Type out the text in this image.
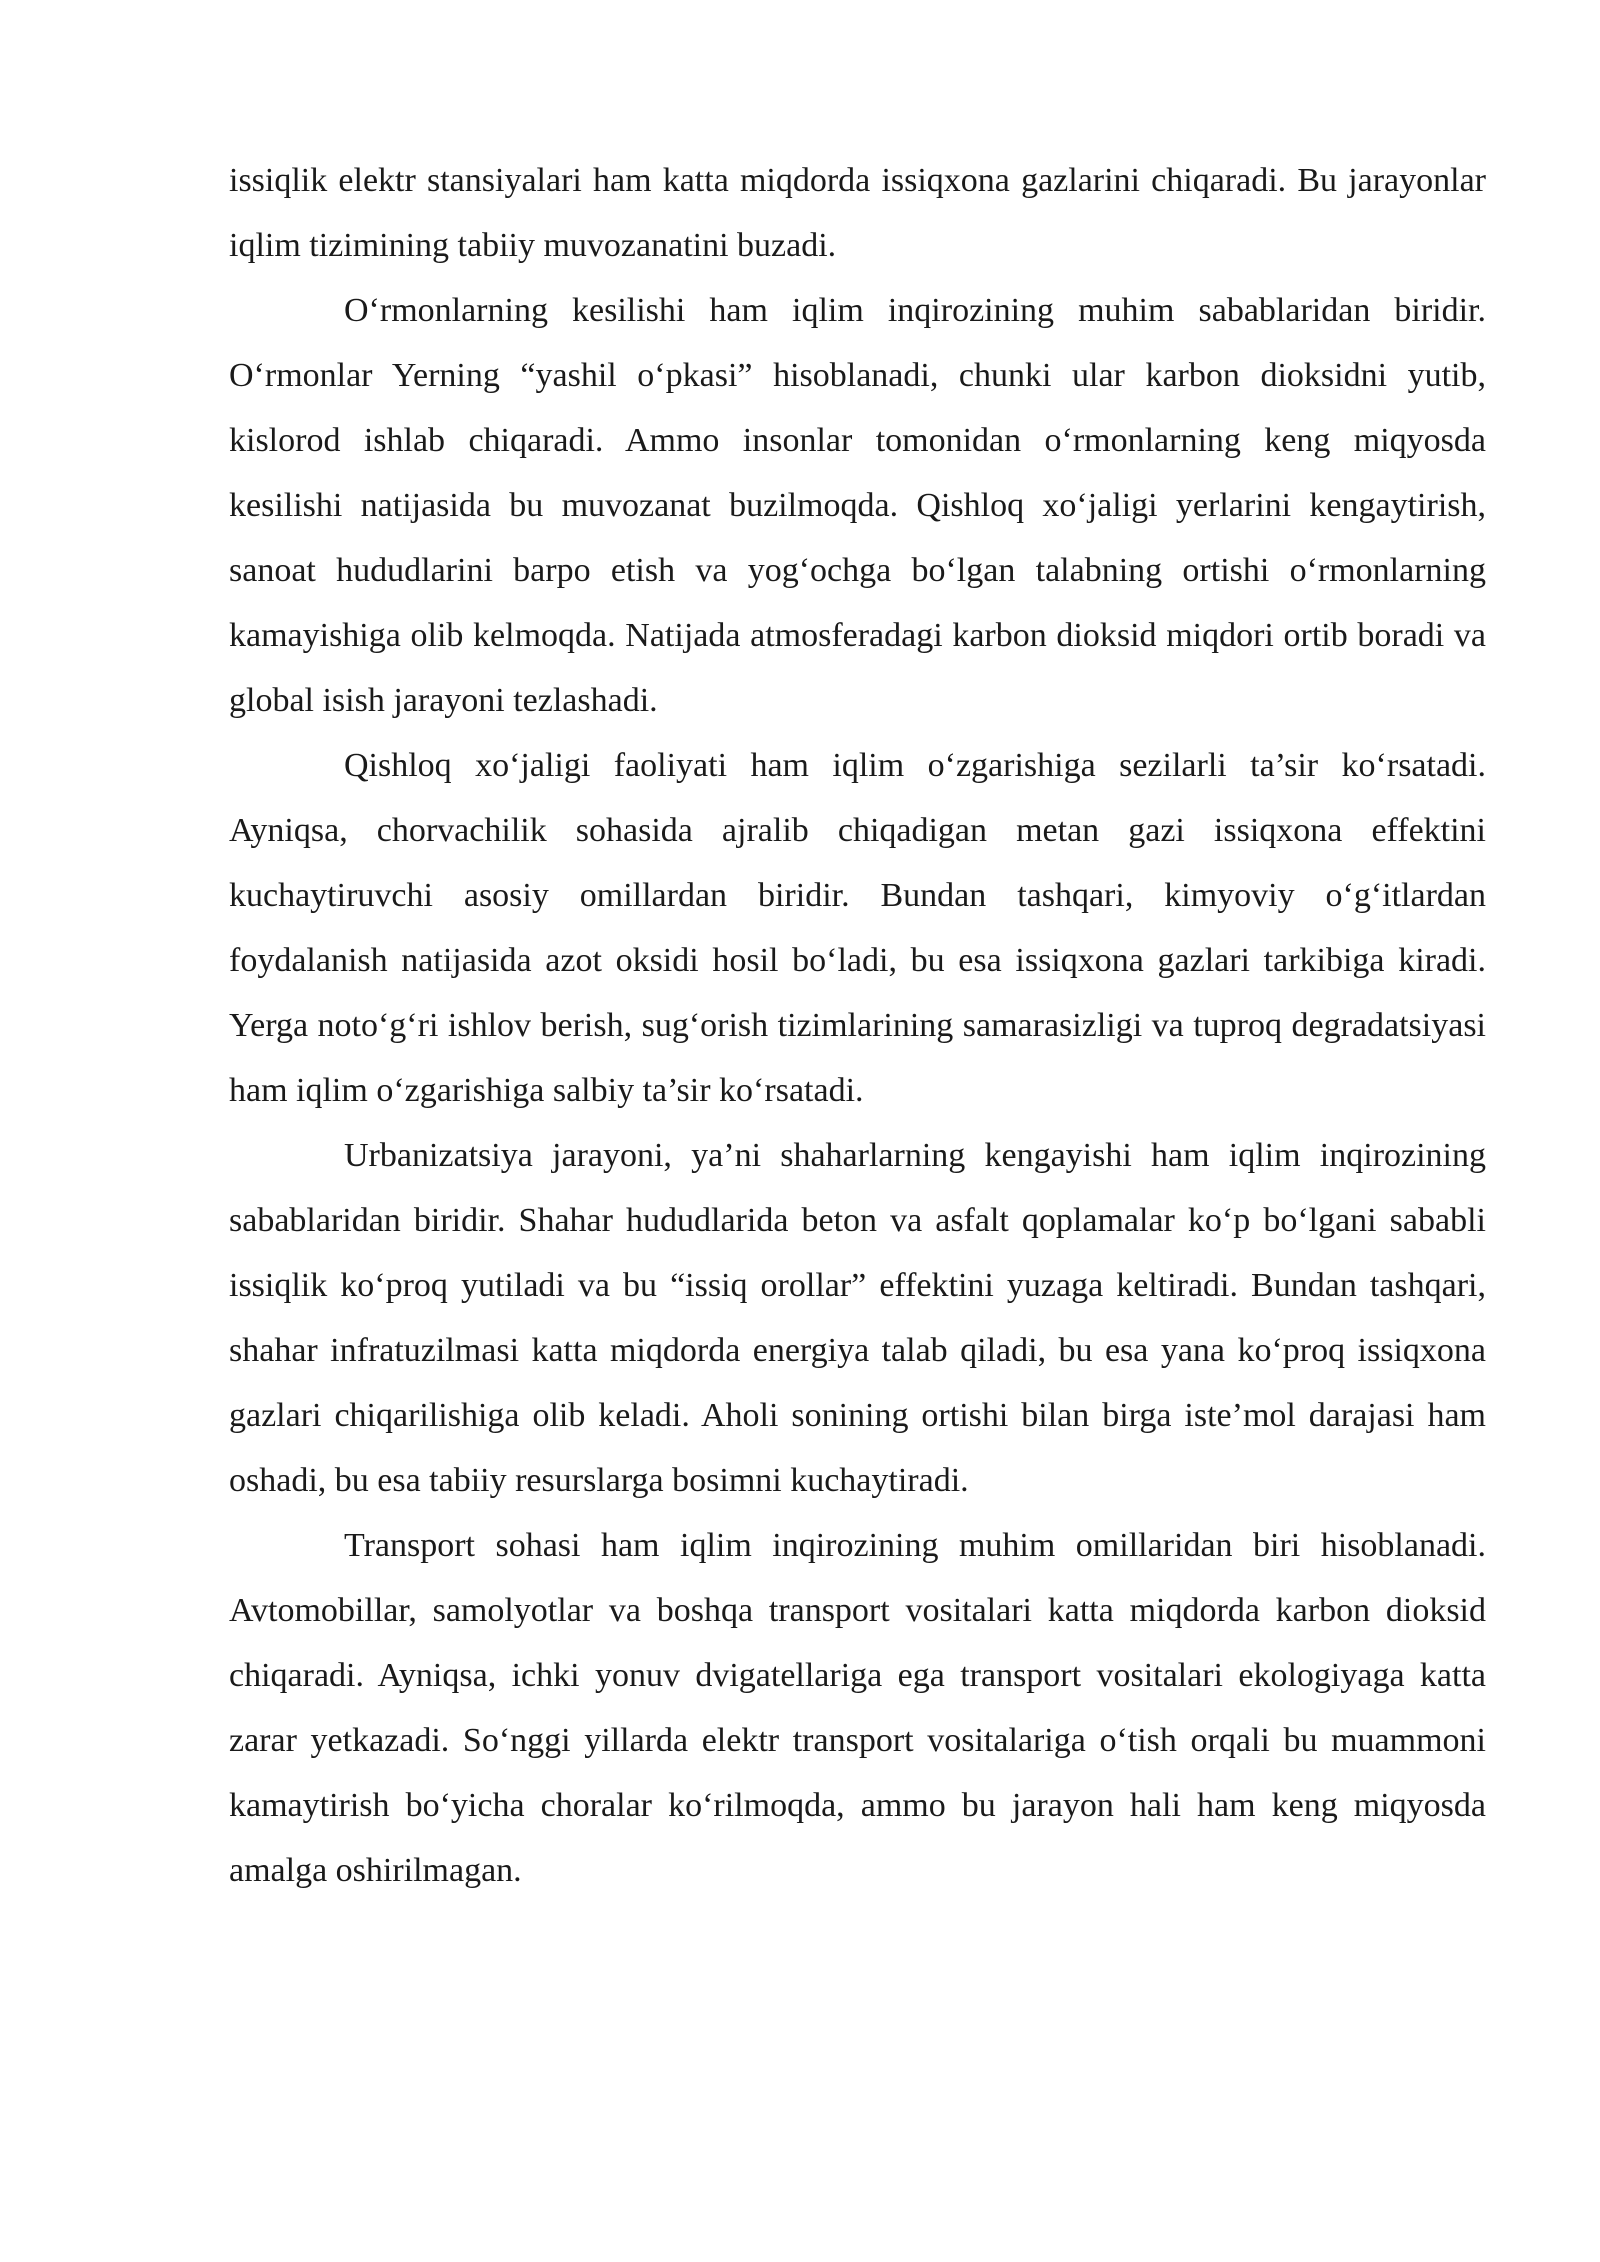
issiqlik elektr stansiyalari ham katta miqdorda issiqxona gazlarini chiqaradi. Bu jarayonlar iqlim tizimining tabiiy muvozanatini buzadi.

O‘rmonlarning kesilishi ham iqlim inqirozining muhim sabablaridan biridir. O‘rmonlar Yerning “yashil o‘pkasi” hisoblanadi, chunki ular karbon dioksidni yutib, kislorod ishlab chiqaradi. Ammo insonlar tomonidan o‘rmonlarning keng miqyosda kesilishi natijasida bu muvozanat buzilmoqda. Qishloq xo‘jaligi yerlarini kengaytirish, sanoat hududlarini barpo etish va yog‘ochga bo‘lgan talabning ortishi o‘rmonlarning kamayishiga olib kelmoqda. Natijada atmosferadagi karbon dioksid miqdori ortib boradi va global isish jarayoni tezlashadi.

Qishloq xo‘jaligi faoliyati ham iqlim o‘zgarishiga sezilarli ta’sir ko‘rsatadi. Ayniqsa, chorvachilik sohasida ajralib chiqadigan metan gazi issiqxona effektini kuchaytiruvchi asosiy omillardan biridir. Bundan tashqari, kimyoviy o‘g‘itlardan foydalanish natijasida azot oksidi hosil bo‘ladi, bu esa issiqxona gazlari tarkibiga kiradi. Yerga noto‘g‘ri ishlov berish, sug‘orish tizimlarining samarasizligi va tuproq degradatsiyasi ham iqlim o‘zgarishiga salbiy ta’sir ko‘rsatadi.

Urbanizatsiya jarayoni, ya’ni shaharlarning kengayishi ham iqlim inqirozining sabablaridan biridir. Shahar hududlarida beton va asfalt qoplamalar ko‘p bo‘lgani sababli issiqlik ko‘proq yutiladi va bu “issiq orollar” effektini yuzaga keltiradi. Bundan tashqari, shahar infratuzilmasi katta miqdorda energiya talab qiladi, bu esa yana ko‘proq issiqxona gazlari chiqarilishiga olib keladi. Aholi sonining ortishi bilan birga iste’mol darajasi ham oshadi, bu esa tabiiy resurslarga bosimni kuchaytiradi.

Transport sohasi ham iqlim inqirozining muhim omillaridan biri hisoblanadi. Avtomobillar, samolyotlar va boshqa transport vositalari katta miqdorda karbon dioksid chiqaradi. Ayniqsa, ichki yonuv dvigatellariga ega transport vositalari ekologiyaga katta zarar yetkazadi. So‘nggi yillarda elektr transport vositalariga o‘tish orqali bu muammoni kamaytirish bo‘yicha choralar ko‘rilmoqda, ammo bu jarayon hali ham keng miqyosda amalga oshirilmagan.
